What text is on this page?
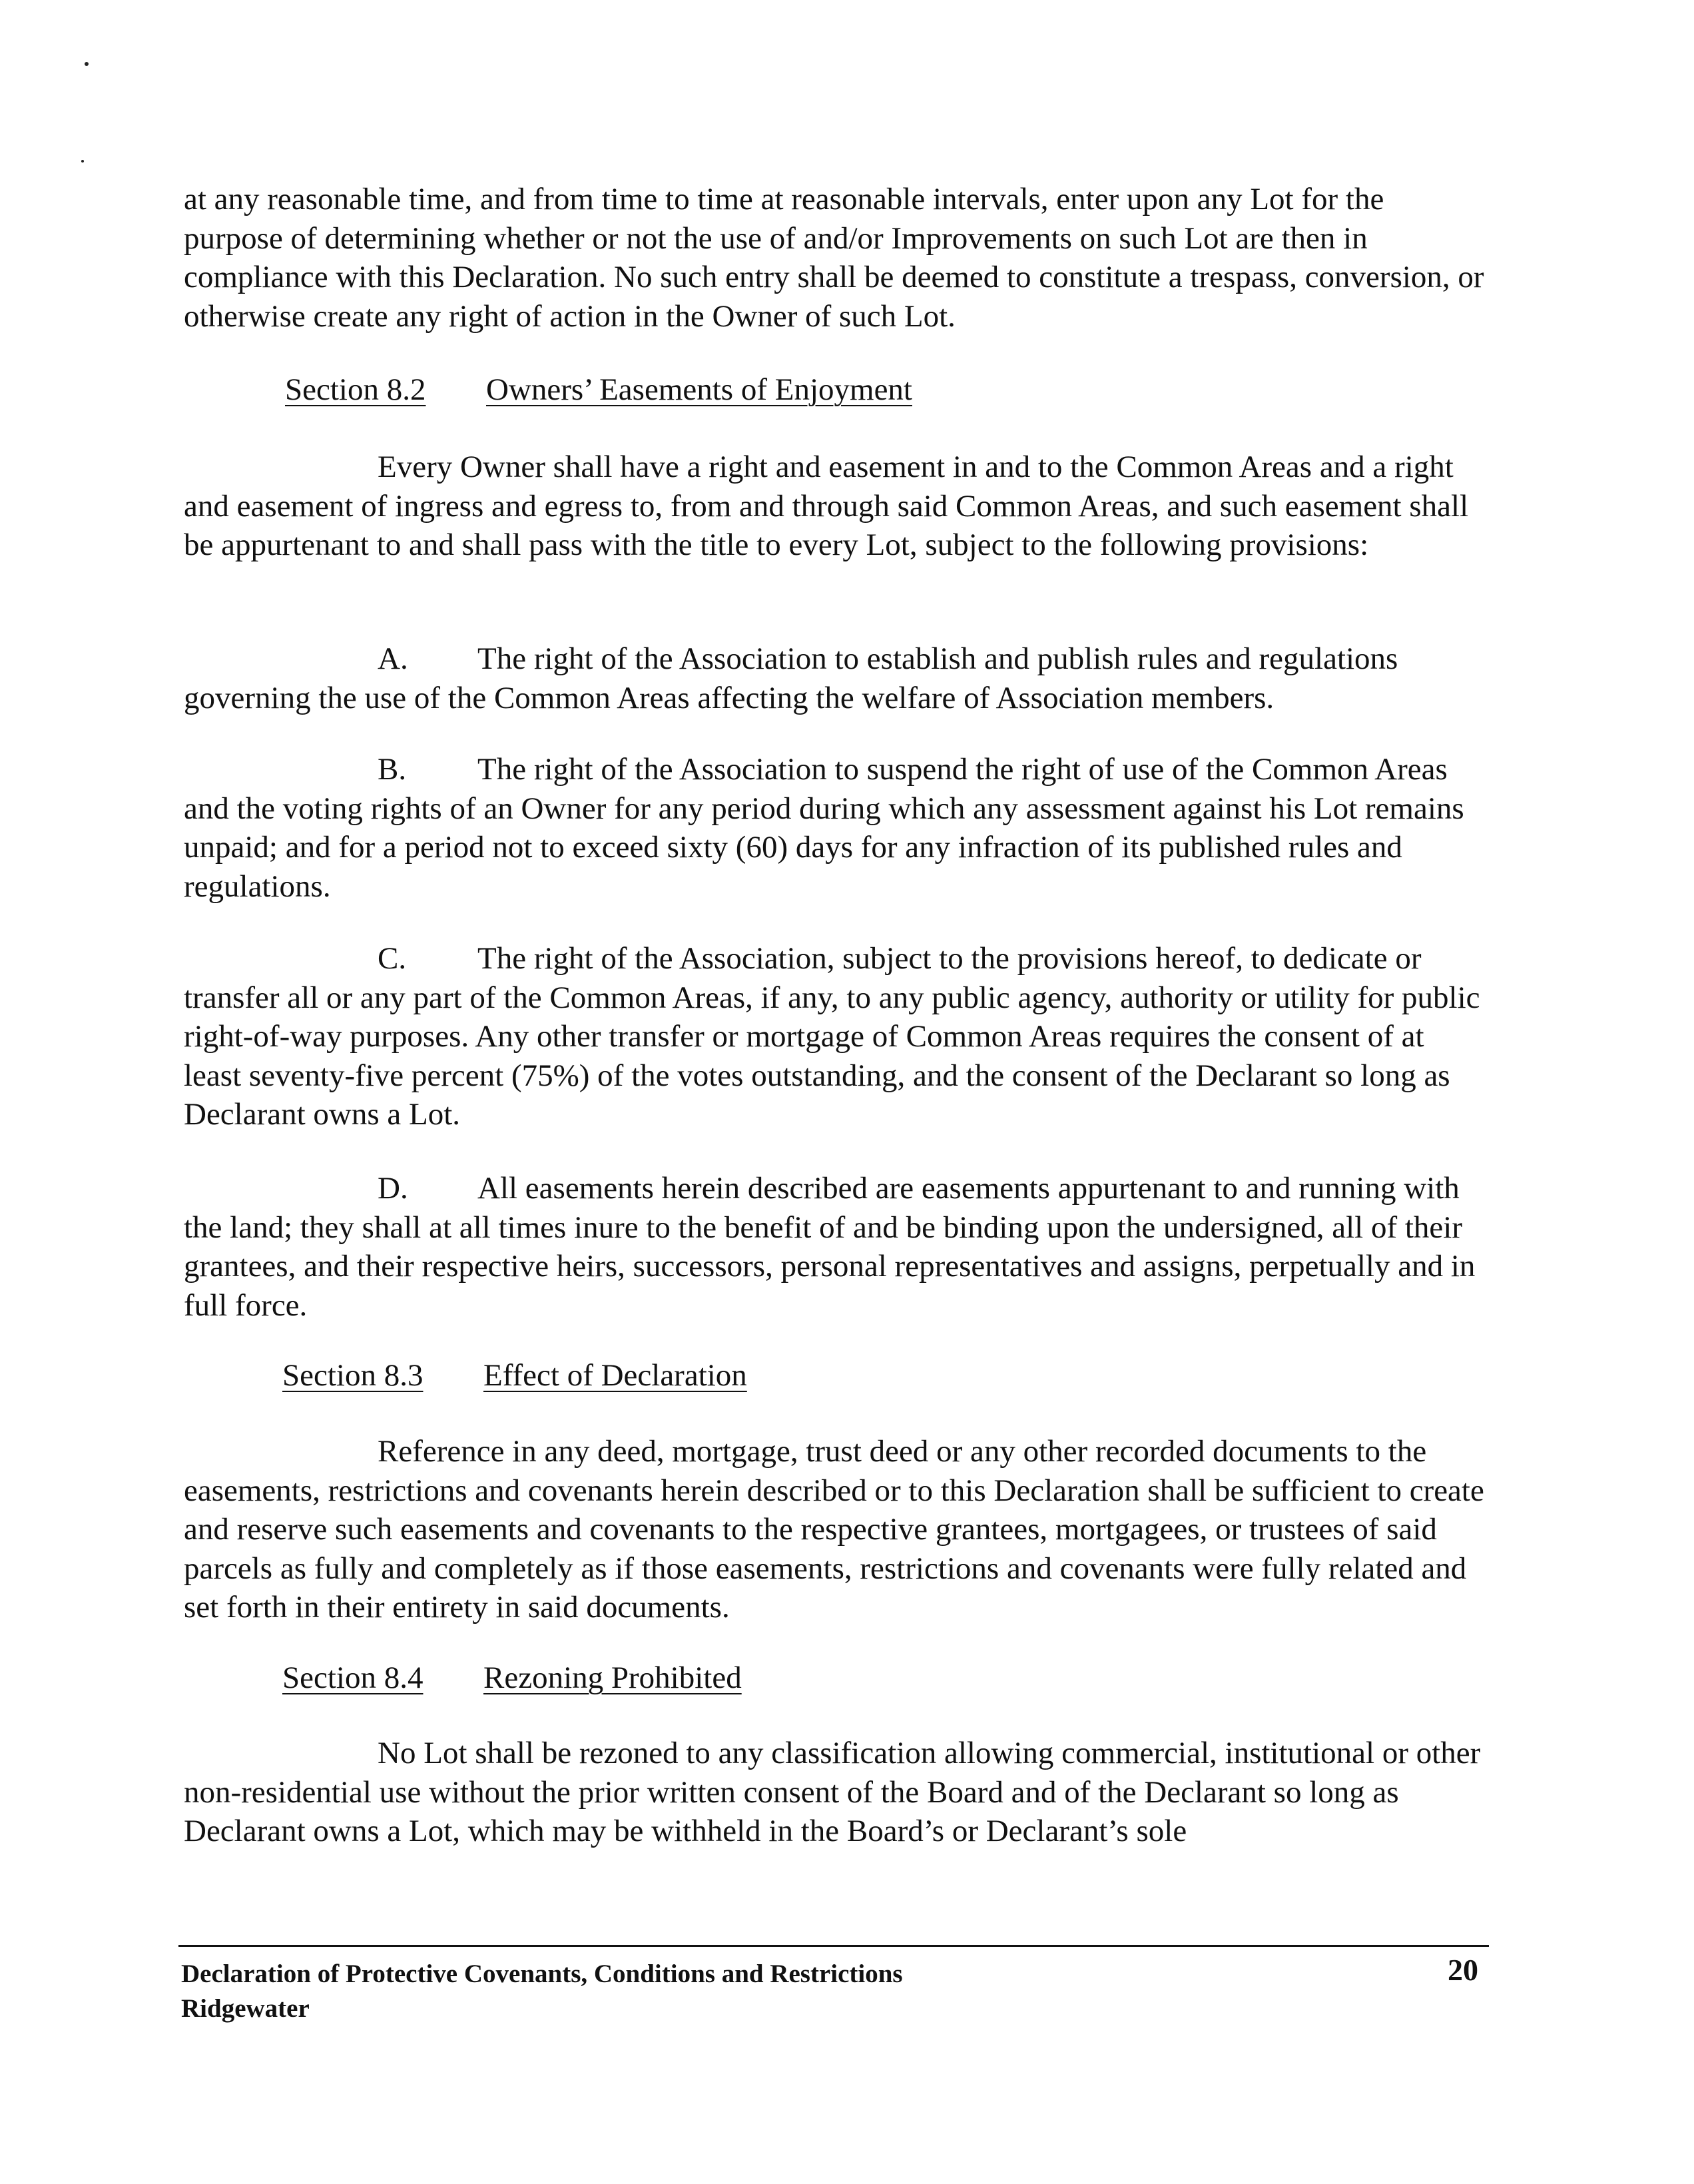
at any reasonable time, and from time to time at reasonable intervals, enter upon any Lot for the purpose of determining whether or not the use of and/or Improvements on such Lot are then in compliance with this Declaration. No such entry shall be deemed to constitute a trespass, conversion, or otherwise create any right of action in the Owner of such Lot.

Section 8.2 Owners’ Easements of Enjoyment

Every Owner shall have a right and easement in and to the Common Areas and a right and easement of ingress and egress to, from and through said Common Areas, and such easement shall be appurtenant to and shall pass with the title to every Lot, subject to the following provisions:

A. The right of the Association to establish and publish rules and regulations governing the use of the Common Areas affecting the welfare of Association members.

B. The right of the Association to suspend the right of use of the Common Areas and the voting rights of an Owner for any period during which any assessment against his Lot remains unpaid; and for a period not to exceed sixty (60) days for any infraction of its published rules and regulations.

C. The right of the Association, subject to the provisions hereof, to dedicate or transfer all or any part of the Common Areas, if any, to any public agency, authority or utility for public right-of-way purposes. Any other transfer or mortgage of Common Areas requires the consent of at least seventy-five percent (75%) of the votes outstanding, and the consent of the Declarant so long as Declarant owns a Lot.

D. All easements herein described are easements appurtenant to and running with the land; they shall at all times inure to the benefit of and be binding upon the undersigned, all of their grantees, and their respective heirs, successors, personal representatives and assigns, perpetually and in full force.

Section 8.3 Effect of Declaration

Reference in any deed, mortgage, trust deed or any other recorded documents to the easements, restrictions and covenants herein described or to this Declaration shall be sufficient to create and reserve such easements and covenants to the respective grantees, mortgagees, or trustees of said parcels as fully and completely as if those easements, restrictions and covenants were fully related and set forth in their entirety in said documents.

Section 8.4 Rezoning Prohibited

No Lot shall be rezoned to any classification allowing commercial, institutional or other non-residential use without the prior written consent of the Board and of the Declarant so long as Declarant owns a Lot, which may be withheld in the Board’s or Declarant’s sole

Declaration of Protective Covenants, Conditions and Restrictions
Ridgewater
20
